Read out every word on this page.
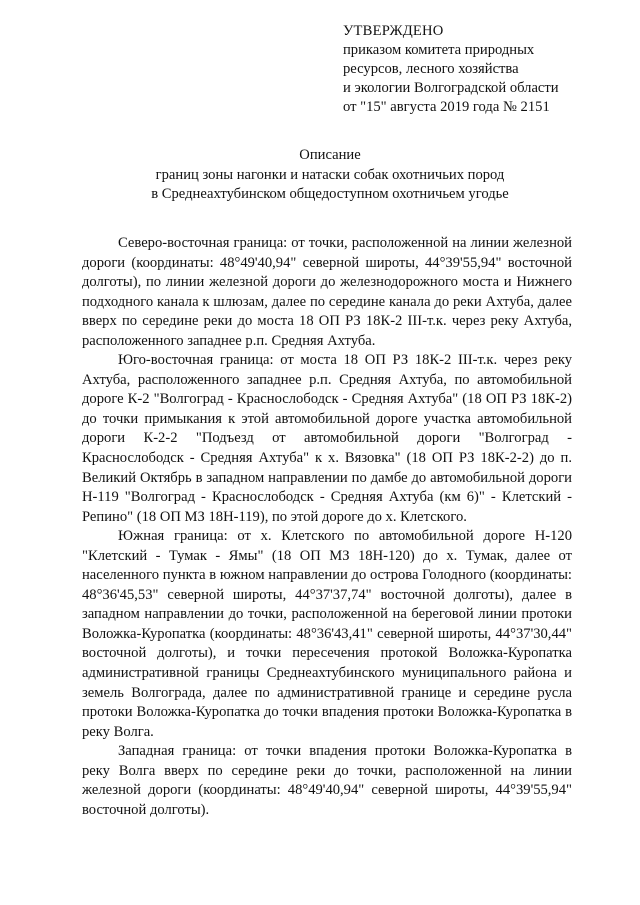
УТВЕРЖДЕНО
приказом комитета природных
ресурсов, лесного хозяйства
и экологии Волгоградской области
от "15" августа 2019 года № 2151
Описание
границ зоны нагонки и натаски собак охотничьих пород
в Среднеахтубинском общедоступном охотничьем угодье

Северо-восточная граница: от точки, расположенной на линии железной дороги (координаты: 48°49'40,94" северной широты, 44°39'55,94" восточной долготы), по линии железной дороги до железнодорожного моста и Нижнего подходного канала к шлюзам, далее по середине канала до реки Ахтуба, далее вверх по середине реки до моста 18 ОП РЗ 18К-2 III-т.к. через реку Ахтуба, расположенного западнее р.п. Средняя Ахтуба.

Юго-восточная граница: от моста 18 ОП РЗ 18К-2 III-т.к. через реку Ахтуба, расположенного западнее р.п. Средняя Ахтуба, по автомобильной дороге К-2 "Волгоград - Краснослободск - Средняя Ахтуба" (18 ОП РЗ 18К-2) до точки примыкания к этой автомобильной дороге участка автомобильной дороги К-2-2 "Подъезд от автомобильной дороги "Волгоград - Краснослободск - Средняя Ахтуба" к х. Вязовка" (18 ОП РЗ 18К-2-2) до п. Великий Октябрь в западном направлении по дамбе до автомобильной дороги Н-119 "Волгоград - Краснослободск - Средняя Ахтуба (км 6)" - Клетский - Репино" (18 ОП МЗ 18Н-119), по этой дороге до х. Клетского.

Южная граница: от х. Клетского по автомобильной дороге Н-120 "Клетский - Тумак - Ямы" (18 ОП МЗ 18Н-120) до х. Тумак, далее от населенного пункта в южном направлении до острова Голодного (координаты: 48°36'45,53" северной широты, 44°37'37,74" восточной долготы), далее в западном направлении до точки, расположенной на береговой линии протоки Воложка-Куропатка (координаты: 48°36'43,41" северной широты, 44°37'30,44" восточной долготы), и точки пересечения протокой Воложка-Куропатка административной границы Среднеахтубинского муниципального района и земель Волгограда, далее по административной границе и середине русла протоки Воложка-Куропатка до точки впадения протоки Воложка-Куропатка в реку Волга.

Западная граница: от точки впадения протоки Воложка-Куропатка в реку Волга вверх по середине реки до точки, расположенной на линии железной дороги (координаты: 48°49'40,94" северной широты, 44°39'55,94" восточной долготы).
